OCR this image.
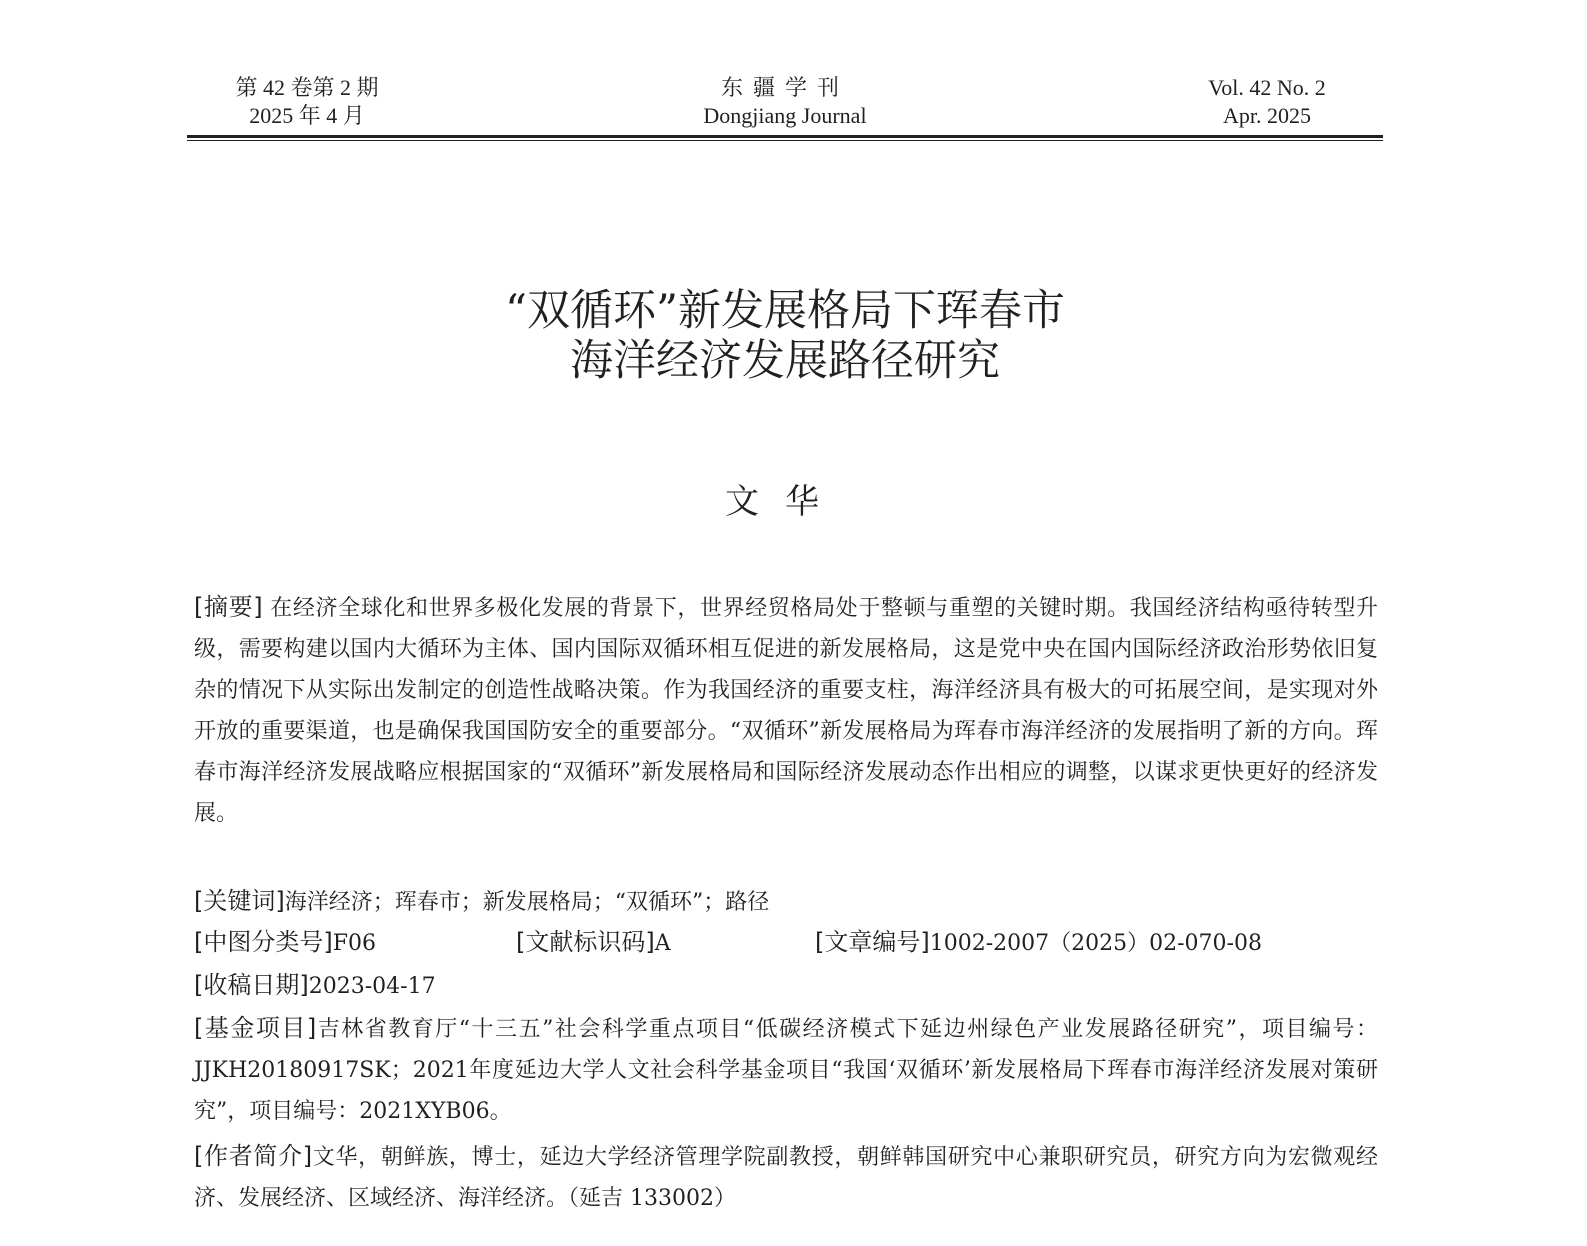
第 42 卷第 2 期
2025 年 4 月
东疆学刊
Dongjiang Journal
Vol. 42 No. 2
Apr. 2025
“双循环”新发展格局下珲春市
海洋经济发展路径研究
文华
[摘要] 在经济全球化和世界多极化发展的背景下，世界经贸格局处于整顿与重塑的关键时期。我国经济结构亟待转型升级，需要构建以国内大循环为主体、国内国际双循环相互促进的新发展格局，这是党中央在国内国际经济政治形势依旧复杂的情况下从实际出发制定的创造性战略决策。作为我国经济的重要支柱，海洋经济具有极大的可拓展空间，是实现对外开放的重要渠道，也是确保我国国防安全的重要部分。“双循环”新发展格局为珲春市海洋经济的发展指明了新的方向。珲春市海洋经济发展战略应根据国家的“双循环”新发展格局和国际经济发展动态作出相应的调整，以谋求更快更好的经济发展。
[关键词]海洋经济；珲春市；新发展格局；“双循环”；路径
[中图分类号]F06	[文献标识码]A	[文章编号]1002-2007（2025）02-070-08
[收稿日期]2023-04-17
[基金项目]吉林省教育厅“十三五”社会科学重点项目“低碳经济模式下延边州绿色产业发展路径研究”，项目编号：JJKH20180917SK；2021年度延边大学人文社会科学基金项目“我国‘双循环’新发展格局下珲春市海洋经济发展对策研究”，项目编号：2021XYB06。
[作者简介]文华，朝鲜族，博士，延边大学经济管理学院副教授，朝鲜韩国研究中心兼职研究员，研究方向为宏微观经济、发展经济、区域经济、海洋经济。（延吉 133002）
